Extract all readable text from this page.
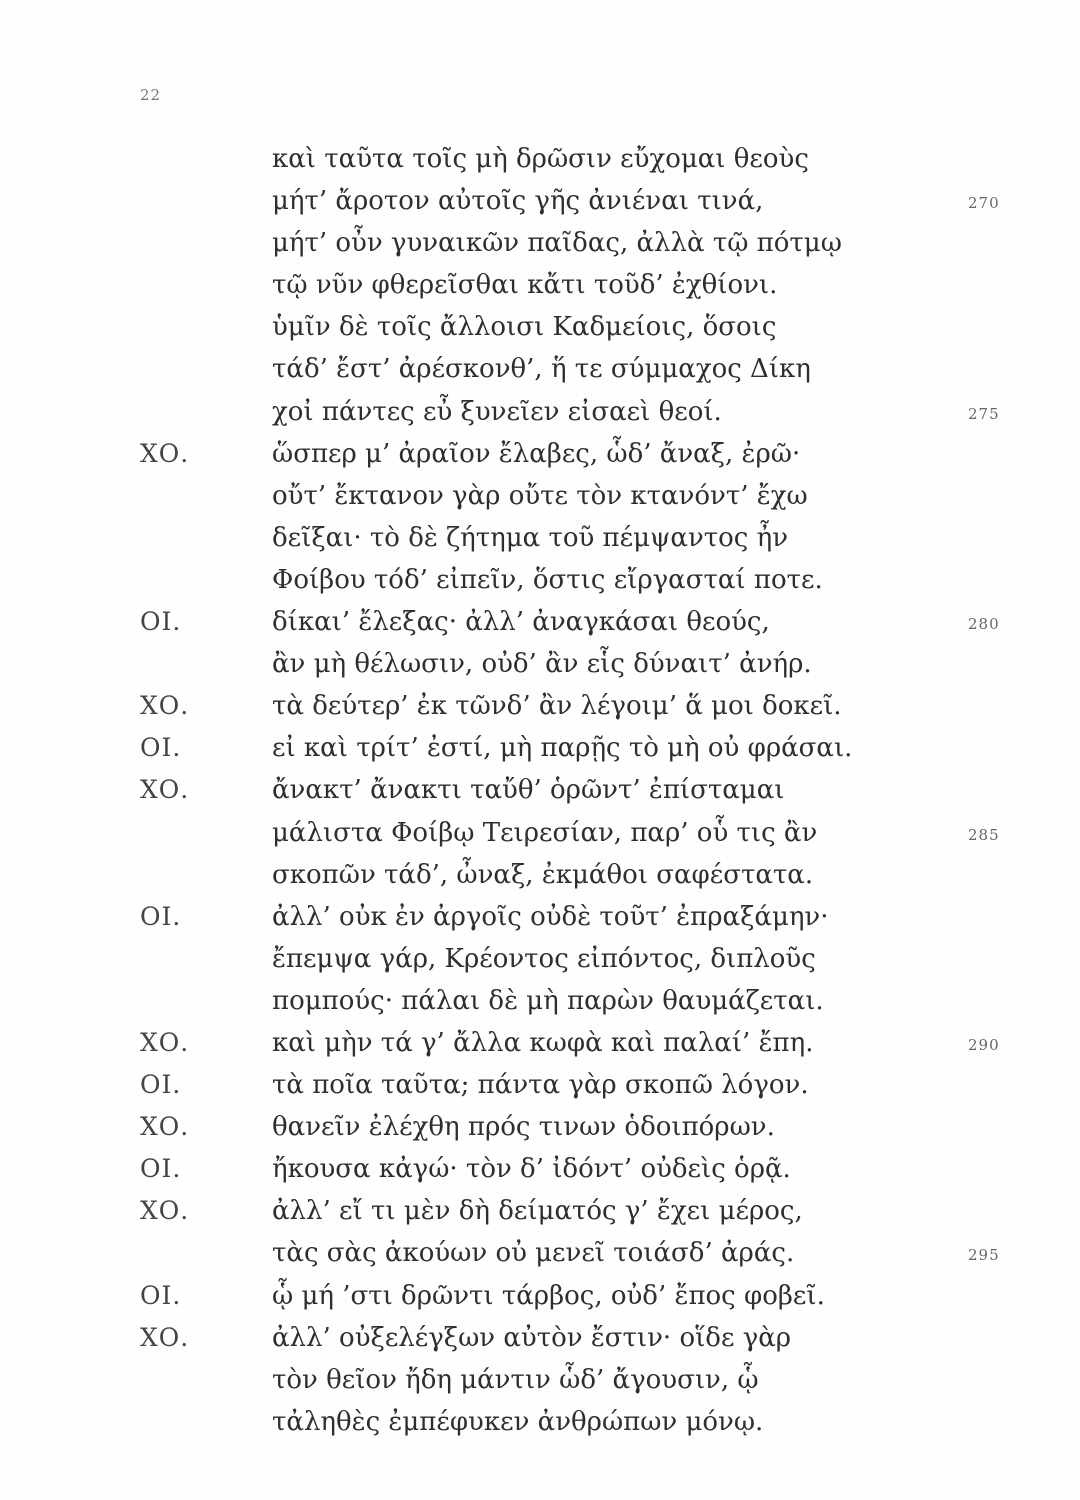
22
καὶ ταῦτα τοῖς μὴ δρῶσιν εὔχομαι θεοὺς
μήτ’ ἄροτον αὐτοῖς γῆς ἀνιέναι τινά,	270
μήτ’ οὖν γυναικῶν παῖδας, ἀλλὰ τῷ πότμῳ
τῷ νῦν φθερεῖσθαι κἄτι τοῦδ’ ἐχθίονι.
ὑμῖν δὲ τοῖς ἄλλοισι Καδμείοις, ὅσοις
τάδ’ ἔστ’ ἀρέσκονθ’, ἥ τε σύμμαχος Δίκη
χοἰ πάντες εὖ ξυνεῖεν εἰσαεὶ θεοί.	275
ΧΟ.	ὥσπερ μ’ ἀραῖον ἔλαβες, ὧδ’ ἄναξ, ἐρῶ·
οὔτ’ ἔκτανον γὰρ οὔτε τὸν κτανόντ’ ἔχω
δεῖξαι· τὸ δὲ ζήτημα τοῦ πέμψαντος ἦν
Φοίβου τόδ’ εἰπεῖν, ὅστις εἴργασταί ποτε.
ΟΙ.	δίκαι’ ἔλεξας· ἀλλ’ ἀναγκάσαι θεούς,	280
ἂν μὴ θέλωσιν, οὐδ’ ἂν εἷς δύναιτ’ ἀνήρ.
ΧΟ.	τὰ δεύτερ’ ἐκ τῶνδ’ ἂν λέγοιμ’ ἅ μοι δοκεῖ.
ΟΙ.	εἰ καὶ τρίτ’ ἐστί, μὴ παρῇς τὸ μὴ οὐ φράσαι.
ΧΟ.	ἄνακτ’ ἄνακτι ταὔθ’ ὁρῶντ’ ἐπίσταμαι
μάλιστα Φοίβῳ Τειρεσίαν, παρ’ οὗ τις ἂν	285
σκοπῶν τάδ’, ὦναξ, ἐκμάθοι σαφέστατα.
ΟΙ.	ἀλλ’ οὐκ ἐν ἀργοῖς οὐδὲ τοῦτ’ ἐπραξάμην·
ἔπεμψα γάρ, Κρέοντος εἰπόντος, διπλοῦς
πομπούς· πάλαι δὲ μὴ παρὼν θαυμάζεται.
ΧΟ.	καὶ μὴν τά γ’ ἄλλα κωφὰ καὶ παλαί’ ἔπη.	290
ΟΙ.	τὰ ποῖα ταῦτα; πάντα γὰρ σκοπῶ λόγον.
ΧΟ.	θανεῖν ἐλέχθη πρός τινων ὁδοιπόρων.
ΟΙ.	ἤκουσα κἀγώ· τὸν δ’ ἰδόντ’ οὐδεὶς ὁρᾷ.
ΧΟ.	ἀλλ’ εἴ τι μὲν δὴ δείματός γ’ ἔχει μέρος,
τὰς σὰς ἀκούων οὐ μενεῖ τοιάσδ’ ἀράς.	295
ΟΙ.	ᾧ μή ’στι δρῶντι τάρβος, οὐδ’ ἔπος φοβεῖ.
ΧΟ.	ἀλλ’ οὐξελέγξων αὐτὸν ἔστιν· οἵδε γὰρ
τὸν θεῖον ἤδη μάντιν ὧδ’ ἄγουσιν, ᾧ
τἀληθὲς ἐμπέφυκεν ἀνθρώπων μόνῳ.
